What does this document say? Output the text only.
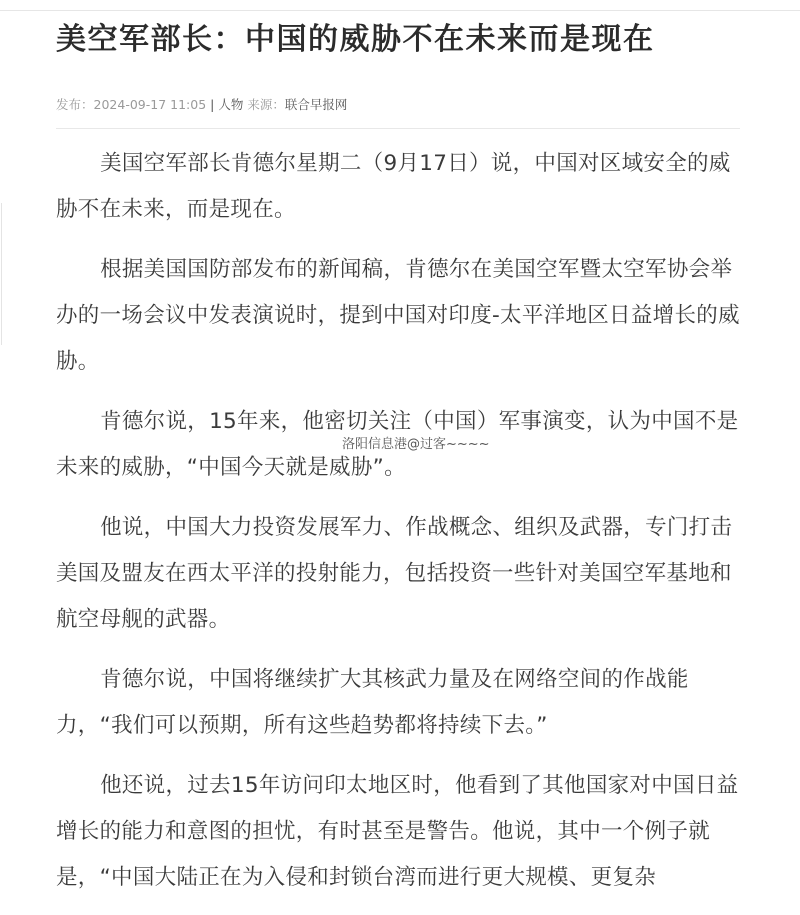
美空军部长：中国的威胁不在未来而是现在
发布：2024-09-17 11:05 | 人物 来源：联合早报网

美国空军部长肯德尔星期二（9月17日）说，中国对区域安全的威胁不在未来，而是现在。

根据美国国防部发布的新闻稿，肯德尔在美国空军暨太空军协会举办的一场会议中发表演说时，提到中国对印度-太平洋地区日益增长的威胁。

肯德尔说，15年来，他密切关注（中国）军事演变，认为中国不是未来的威胁，“中国今天就是威胁”。

他说，中国大力投资发展军力、作战概念、组织及武器，专门打击美国及盟友在西太平洋的投射能力，包括投资一些针对美国空军基地和航空母舰的武器。

肯德尔说，中国将继续扩大其核武力量及在网络空间的作战能力，“我们可以预期，所有这些趋势都将持续下去。”

他还说，过去15年访问印太地区时，他看到了其他国家对中国日益增长的能力和意图的担忧，有时甚至是警告。他说，其中一个例子就是，“中国大陆正在为入侵和封锁台湾而进行更大规模、更复杂

洛阳信息港@过客~~~~
